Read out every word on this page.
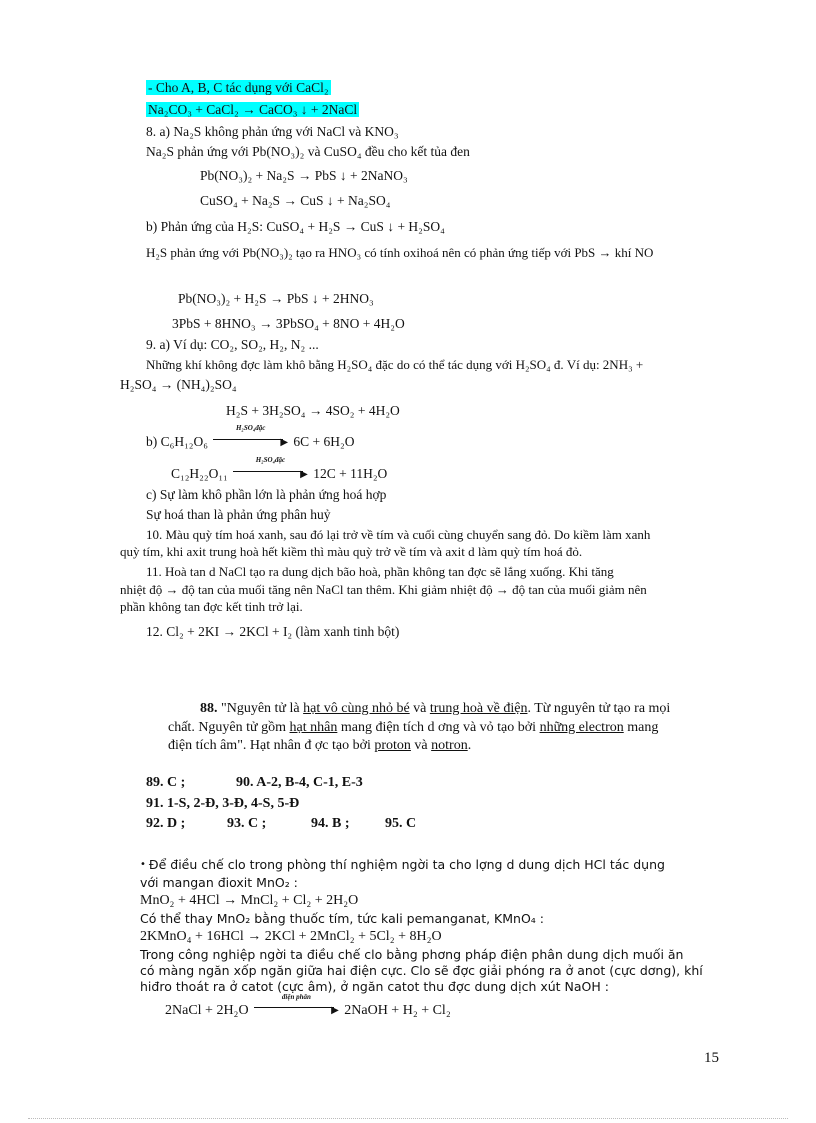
- Cho A, B, C tác dụng với CaCl₂
Na₂CO₃ + CaCl₂ → CaCO₃ ↓ + 2NaCl
8. a) Na₂S không phản ứng với NaCl và KNO₃
Na₂S phản ứng với Pb(NO₃)₂ và CuSO₄ đều cho kết tủa đen
Pb(NO₃)₂ + Na₂S → PbS ↓ + 2NaNO₃
CuSO₄ + Na₂S → CuS ↓ + Na₂SO₄
b) Phản ứng của H₂S: CuSO₄ + H₂S → CuS ↓ + H₂SO₄
H₂S phản ứng với Pb(NO₃)₂ tạo ra HNO₃ có tính oxihoá nên có phản ứng tiếp với PbS → khí NO
Pb(NO₃)₂ + H₂S → PbS ↓ + 2HNO₃
3PbS + 8HNO₃ → 3PbSO₄ + 8NO + 4H₂O
9. a) Ví dụ: CO₂, SO₂, H₂, N₂ ...
Những khí không đợc làm khô bằng H₂SO₄ đặc do có thể tác dụng với H₂SO₄ đ. Ví dụ: 2NH₃ +
H₂SO₄ → (NH₄)₂SO₄
H₂S + 3H₂SO₄ → 4SO₂ + 4H₂O
b) C₆H₁₂O₆
H₂SO₄đặc
▶ 6C + 6H₂O
C₁₂H₂₂O₁₁
H₂SO₄đặc
▶ 12C + 11H₂O
c) Sự làm khô phần lớn là phản ứng hoá hợp
Sự hoá than là phản ứng phân huỷ
10. Màu quỳ tím hoá xanh, sau đó lại trở về tím và cuối cùng chuyển sang đỏ. Do kiềm làm xanh
quỳ tím, khi axit trung hoà hết kiềm thì màu quỳ trở về tím và axit d làm quỳ tím hoá đỏ.
11. Hoà tan d NaCl tạo ra dung dịch bão hoà, phần không tan đợc sẽ lắng xuống. Khi tăng
nhiệt độ → độ tan của muối tăng nên NaCl tan thêm. Khi giảm nhiệt độ → độ tan của muối giảm nên
phần không tan đợc kết tinh trở lại.
12. Cl₂ + 2KI → 2KCl + I₂ (làm xanh tinh bột)
88. "Nguyên tử là hạt vô cùng nhỏ bé và trung hoà về điện. Từ nguyên tử tạo ra mọi
chất. Nguyên tử gồm hạt nhân mang điện tích d ơng và vỏ tạo bởi những electron mang
điện tích âm". Hạt nhân đ ợc tạo bởi proton và notron.
89. C ;	90. A-2, B-4, C-1, E-3
91. 1-S, 2-Đ, 3-Đ, 4-S, 5-Đ
92. D ;	93. C ;	94. B ;	95. C
• Để điều chế clo trong phòng thí nghiệm ngời ta cho lợng d dung dịch HCl tác dụng
với mangan đioxit MnO₂ :
MnO₂ + 4HCl → MnCl₂ + Cl₂ + 2H₂O
Có thể thay MnO₂ bằng thuốc tím, tức kali pemanganat, KMnO₄ :
2KMnO₄ + 16HCl → 2KCl + 2MnCl₂ + 5Cl₂ + 8H₂O
Trong công nghiệp ngời ta điều chế clo bằng phơng pháp điện phân dung dịch muối ăn
có màng ngăn xốp ngăn giữa hai điện cực. Clo sẽ đợc giải phóng ra ở anot (cực dơng), khí
hiđro thoát ra ở catot (cực âm), ở ngăn catot thu đợc dung dịch xút NaOH :
2NaCl + 2H₂O
điện phân
▶ 2NaOH + H₂ + Cl₂
15
